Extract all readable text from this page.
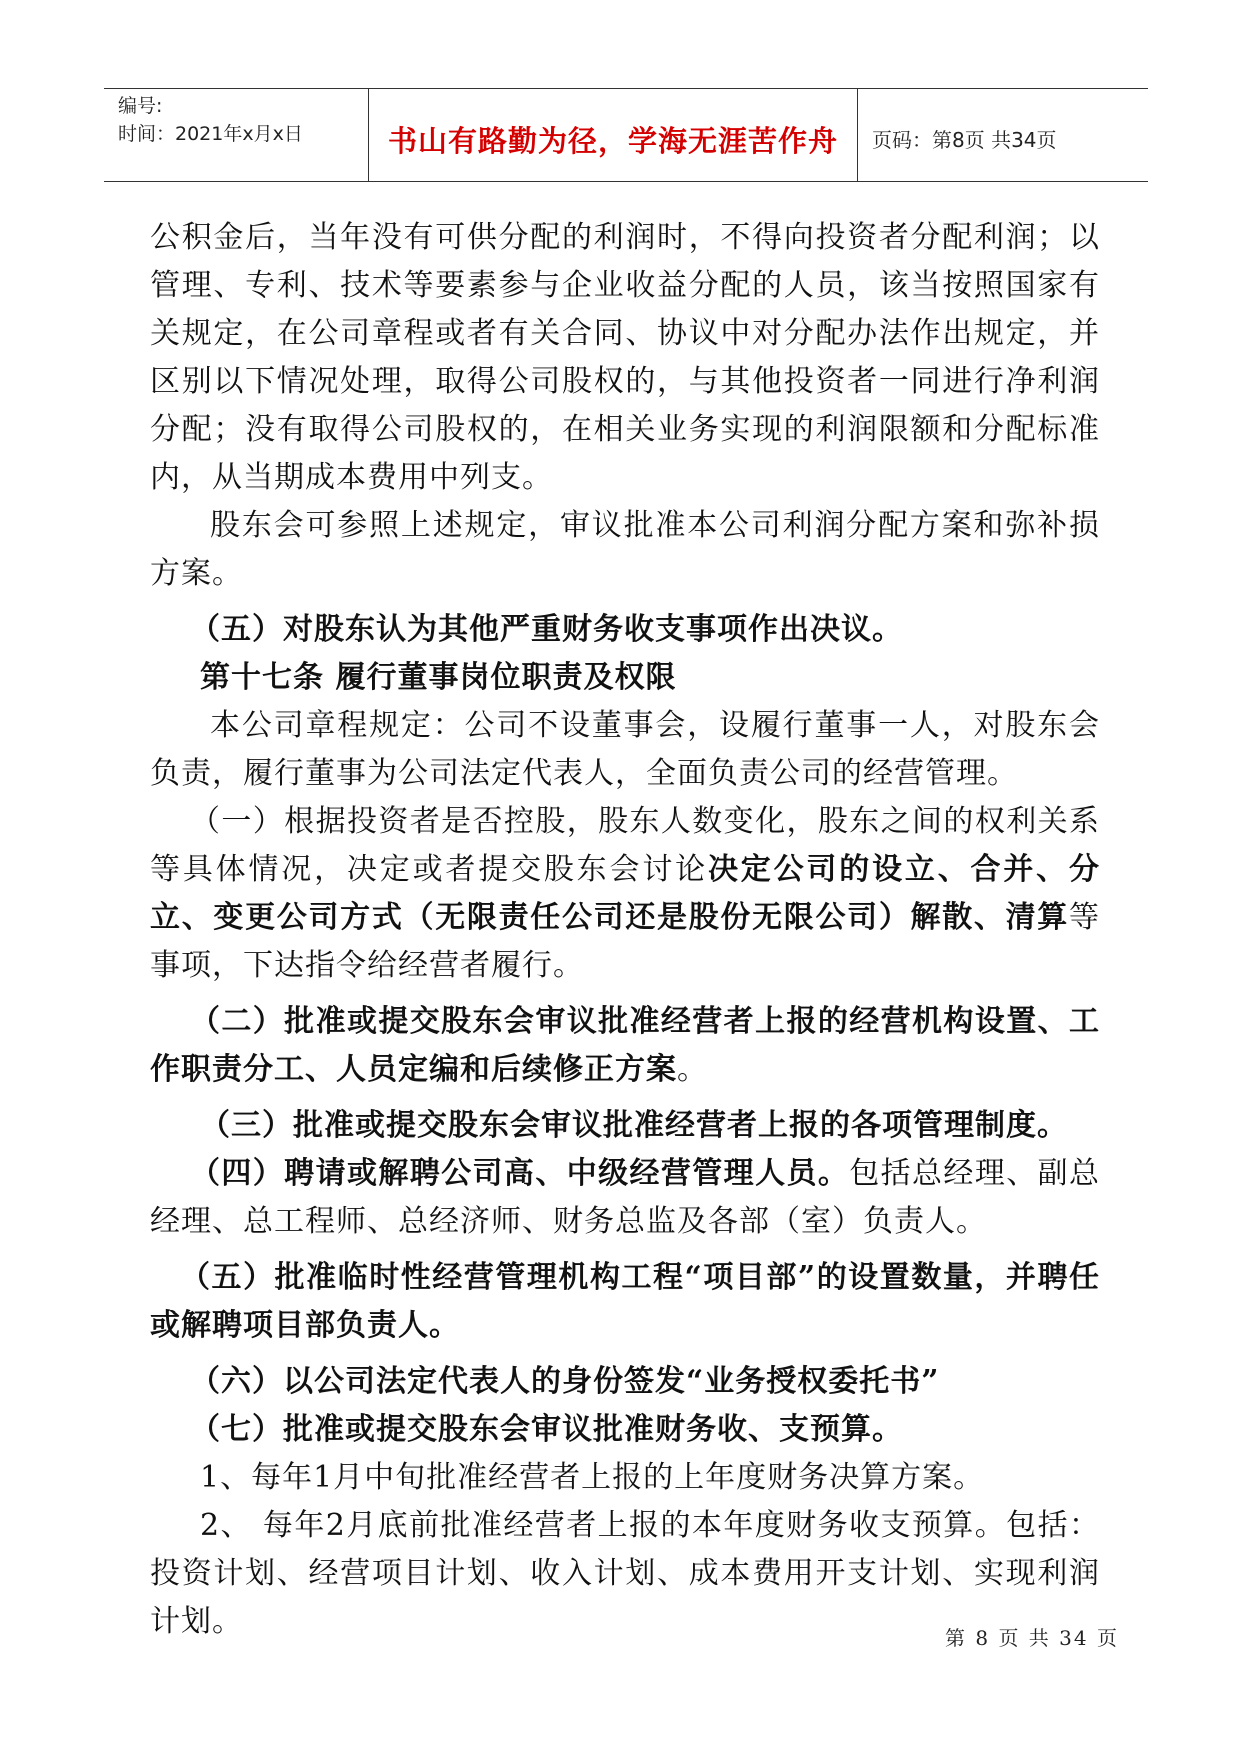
编号:
时间：2021年x月x日	书山有路勤为径，学海无涯苦作舟	页码：第8页 共34页

公积金后，当年没有可供分配的利润时，不得向投资者分配利润；以管理、专利、技术等要素参与企业收益分配的人员，该当按照国家有关规定，在公司章程或者有关合同、协议中对分配办法作出规定，并区别以下情况处理，取得公司股权的，与其他投资者一同进行净利润分配；没有取得公司股权的，在相关业务实现的利润限额和分配标准内，从当期成本费用中列支。

股东会可参照上述规定，审议批准本公司利润分配方案和弥补损方案。

（五）对股东认为其他严重财务收支事项作出决议。

第十七条 履行董事岗位职责及权限

本公司章程规定：公司不设董事会，设履行董事一人，对股东会负责，履行董事为公司法定代表人，全面负责公司的经营管理。

（一）根据投资者是否控股，股东人数变化，股东之间的权利关系等具体情况，决定或者提交股东会讨论决定公司的设立、合并、分立、变更公司方式（无限责任公司还是股份无限公司）解散、清算等事项，下达指令给经营者履行。

（二）批准或提交股东会审议批准经营者上报的经营机构设置、工作职责分工、人员定编和后续修正方案。

（三）批准或提交股东会审议批准经营者上报的各项管理制度。

（四）聘请或解聘公司高、中级经营管理人员。包括总经理、副总经理、总工程师、总经济师、财务总监及各部（室）负责人。

（五）批准临时性经营管理机构工程“项目部”的设置数量，并聘任或解聘项目部负责人。

（六）以公司法定代表人的身份签发“业务授权委托书”

（七）批准或提交股东会审议批准财务收、支预算。

1、每年1月中旬批准经营者上报的上年度财务决算方案。

2、 每年2月底前批准经营者上报的本年度财务收支预算。包括：投资计划、经营项目计划、收入计划、成本费用开支计划、实现利润计划。	第 8 页 共 34 页
